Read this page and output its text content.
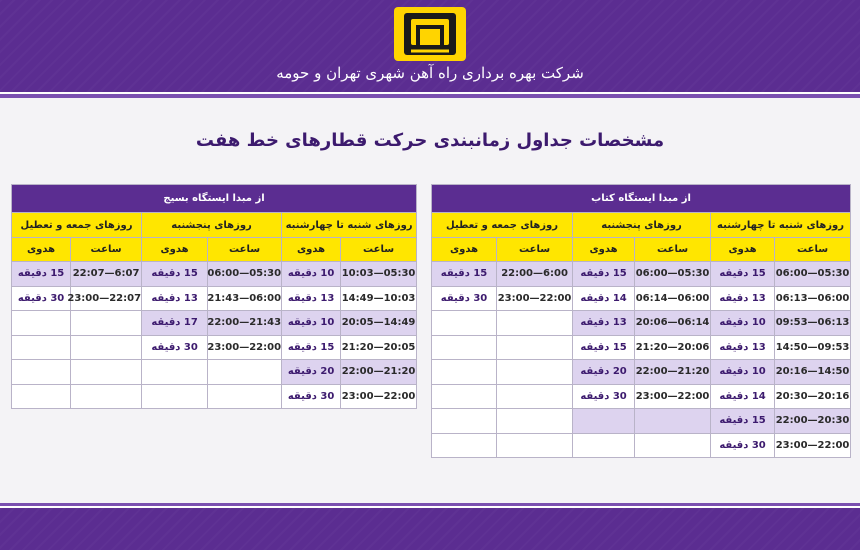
شرکت بهره برداری راه آهن شهری تهران و حومه
مشخصات جداول زمانبندی حرکت قطارهای خط هفت
از مبدا ایستگاه کتاب					
روزهای شنبه تا چهارشنبه		روزهای پنجشنبه		روزهای جمعه و تعطیل	
ساعت	هدوی	ساعت	هدوی	ساعت	هدوی
05:30—06:00	15 دقیقه	05:30—06:00	15 دقیقه	6:00—22:00	15 دقیقه
06:00—06:13	13 دقیقه	06:00—06:14	14 دقیقه	22:00—23:00	30 دقیقه
06:13—09:53	10 دقیقه	06:14—20:06	13 دقیقه		
09:53—14:50	13 دقیقه	20:06—21:20	15 دقیقه		
14:50—20:16	10 دقیقه	21:20—22:00	20 دقیقه		
20:16—20:30	14 دقیقه	22:00—23:00	30 دقیقه		
20:30—22:00	15 دقیقه				
22:00—23:00	30 دقیقه				
از مبدا ایستگاه بسیج					
روزهای شنبه تا چهارشنبه		روزهای پنجشنبه		روزهای جمعه و تعطیل	
ساعت	هدوی	ساعت	هدوی	ساعت	هدوی
05:30—10:03	10 دقیقه	05:30—06:00	15 دقیقه	6:07—22:07	15 دقیقه
10:03—14:49	13 دقیقه	06:00—21:43	13 دقیقه	22:07—23:00	30 دقیقه
14:49—20:05	10 دقیقه	21:43—22:00	17 دقیقه		
20:05—21:20	15 دقیقه	22:00—23:00	30 دقیقه		
21:20—22:00	20 دقیقه				
22:00—23:00	30 دقیقه				
